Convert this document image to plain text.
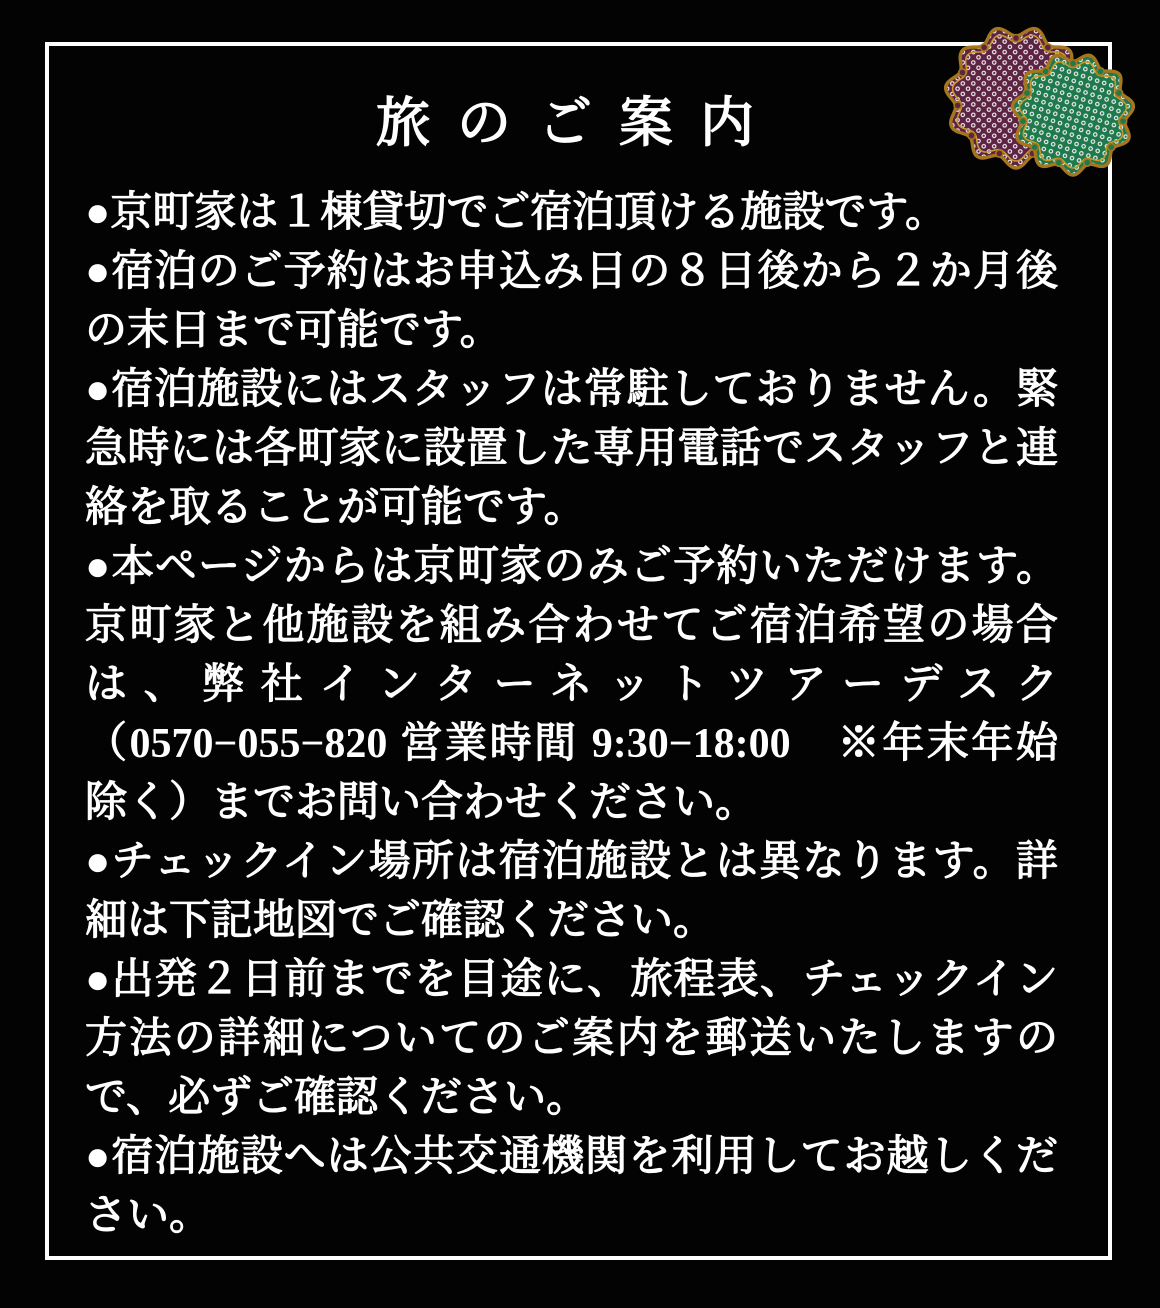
旅のご案内

●京町家は１棟貸切でご宿泊頂ける施設です。

●宿泊のご予約はお申込み日の８日後から２か月後の末日まで可能です。

●宿泊施設にはスタッフは常駐しておりません。緊急時には各町家に設置した専用電話でスタッフと連絡を取ることが可能です。

●本ページからは京町家のみご予約いただけます。京町家と他施設を組み合わせてご宿泊希望の場合は、弊社インターネットツアーデスク（0570−055−820 営業時間 9:30−18:00　※年末年始除く）までお問い合わせください。

●チェックイン場所は宿泊施設とは異なります。詳細は下記地図でご確認ください。

●出発２日前までを目途に、旅程表、チェックイン方法の詳細についてのご案内を郵送いたしますので、必ずご確認ください。

●宿泊施設へは公共交通機関を利用してお越しください。
